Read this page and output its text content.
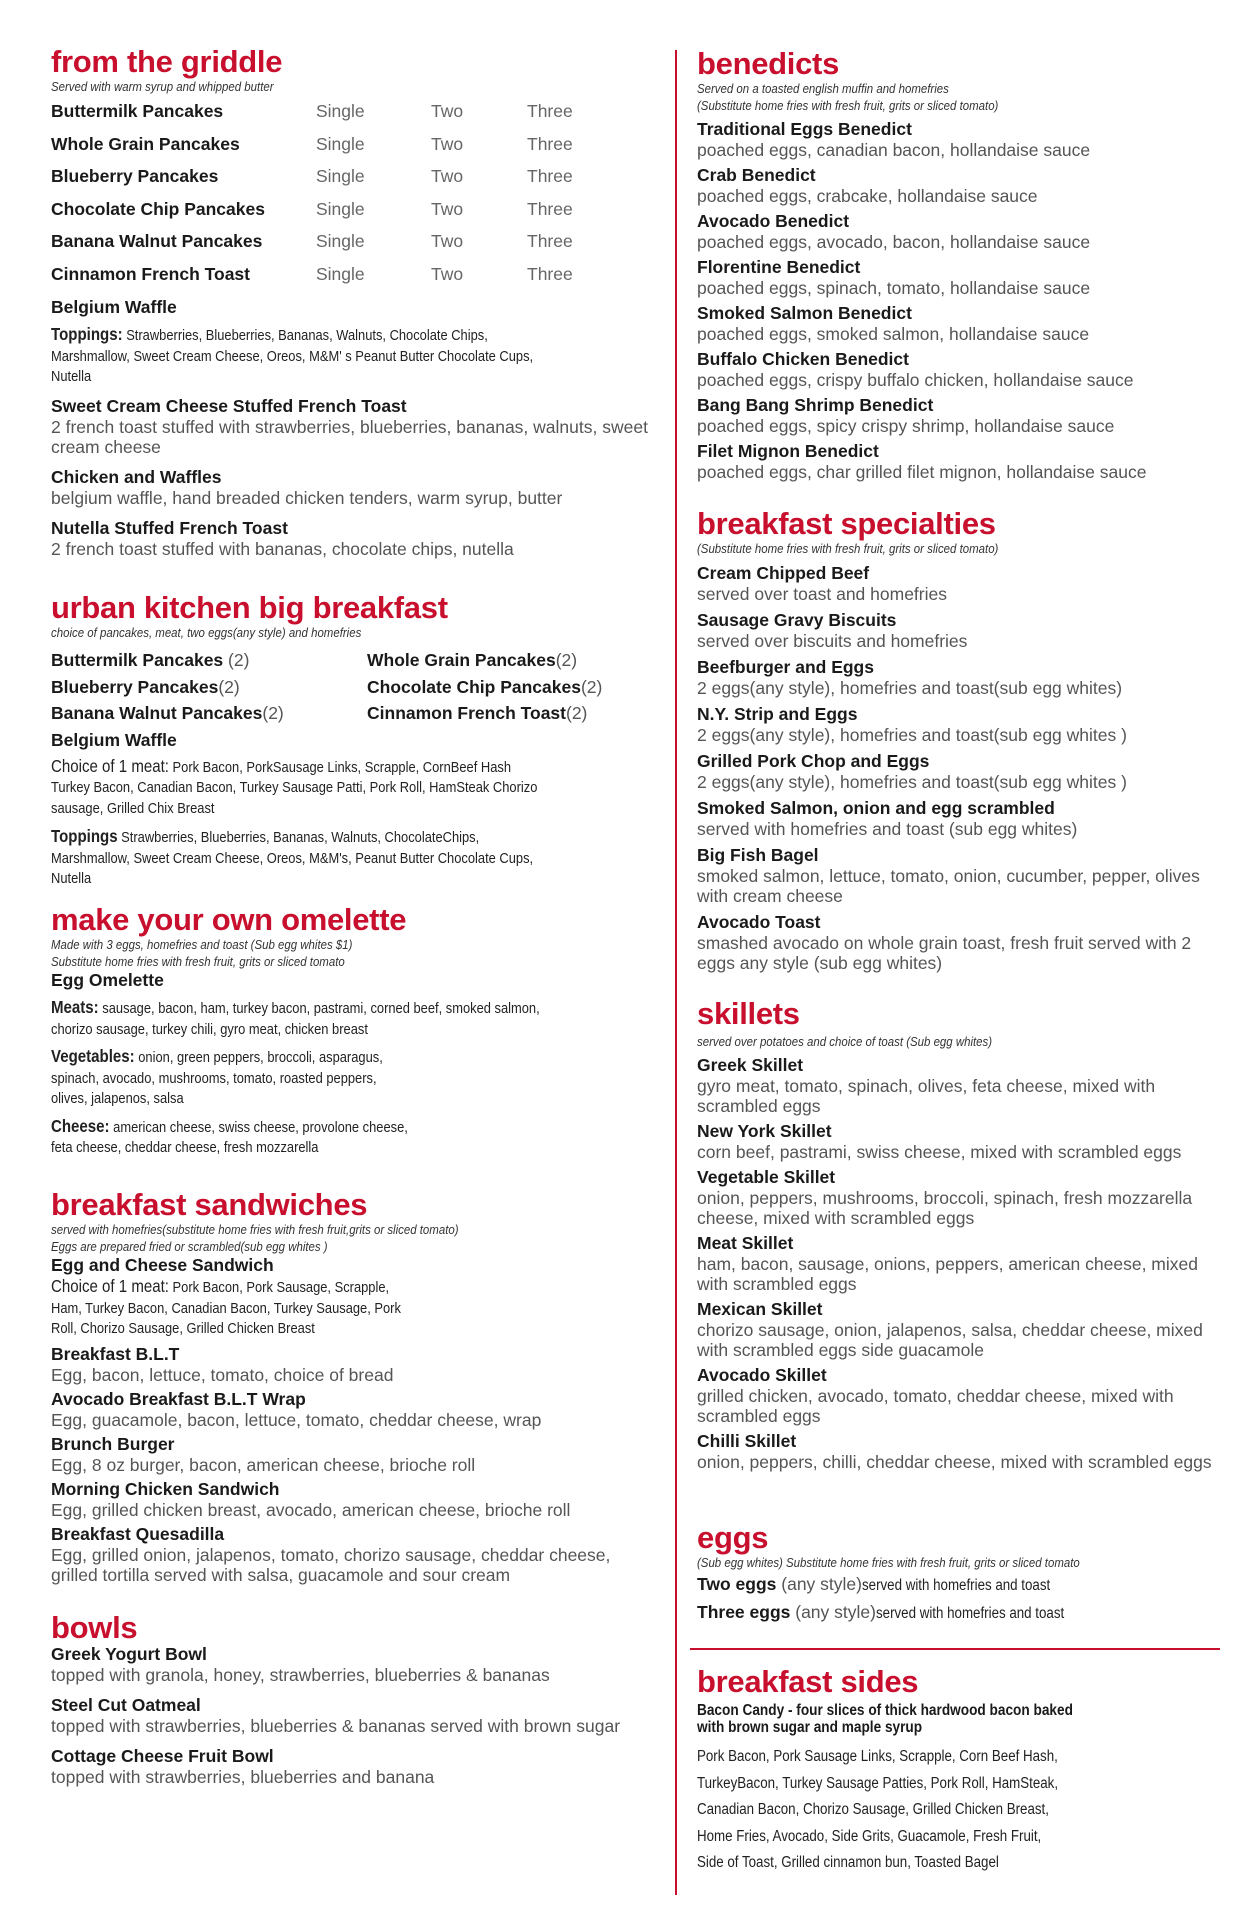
from the griddle
Served with warm syrup and whipped butter
Buttermilk Pancakes	Single	Two	Three
Whole Grain Pancakes	Single	Two	Three
Blueberry Pancakes	Single	Two	Three
Chocolate Chip Pancakes	Single	Two	Three
Banana Walnut Pancakes	Single	Two	Three
Cinnamon French Toast	Single	Two	Three
Belgium Waffle
Toppings: Strawberries, Blueberries, Bananas, Walnuts, Chocolate Chips, Marshmallow, Sweet Cream Cheese, Oreos, M&M' s Peanut Butter Chocolate Cups, Nutella
Sweet Cream Cheese Stuffed French Toast
2 french toast stuffed with strawberries, blueberries, bananas, walnuts, sweet cream cheese
Chicken and Waffles
belgium waffle, hand breaded chicken tenders, warm syrup, butter
Nutella Stuffed French Toast
2 french toast stuffed with bananas, chocolate chips, nutella
urban kitchen big breakfast
choice of pancakes, meat, two eggs(any style) and homefries
Buttermilk Pancakes (2)	Whole Grain Pancakes(2)
Blueberry Pancakes(2)	Chocolate Chip Pancakes(2)
Banana Walnut Pancakes(2)	Cinnamon French Toast(2)
Belgium Waffle
Choice of 1 meat: Pork Bacon, PorkSausage Links, Scrapple, CornBeef Hash Turkey Bacon, Canadian Bacon, Turkey Sausage Patti, Pork Roll, HamSteak Chorizo sausage, Grilled Chix Breast
Toppings Strawberries, Blueberries, Bananas, Walnuts, ChocolateChips, Marshmallow, Sweet Cream Cheese, Oreos, M&M's, Peanut Butter Chocolate Cups, Nutella
make your own omelette
Made with 3 eggs, homefries and toast (Sub egg whites $1)
Substitute home fries with fresh fruit, grits or sliced tomato
Egg Omelette
Meats: sausage, bacon, ham, turkey bacon, pastrami, corned beef, smoked salmon, chorizo sausage, turkey chili, gyro meat, chicken breast
Vegetables: onion, green peppers, broccoli, asparagus, spinach, avocado, mushrooms, tomato, roasted peppers, olives, jalapenos, salsa
Cheese: american cheese, swiss cheese, provolone cheese, feta cheese, cheddar cheese, fresh mozzarella
breakfast sandwiches
served with homefries(substitute home fries with fresh fruit,grits or sliced tomato)
Eggs are prepared fried or scrambled(sub egg whites )
Egg and Cheese Sandwich
Choice of 1 meat: Pork Bacon, Pork Sausage, Scrapple, Ham, Turkey Bacon, Canadian Bacon, Turkey Sausage, Pork Roll, Chorizo Sausage, Grilled Chicken Breast
Breakfast B.L.T
Egg, bacon, lettuce, tomato, choice of bread
Avocado Breakfast B.L.T Wrap
Egg, guacamole, bacon, lettuce, tomato, cheddar cheese, wrap
Brunch Burger
Egg, 8 oz burger, bacon, american cheese, brioche roll
Morning Chicken Sandwich
Egg, grilled chicken breast, avocado, american cheese, brioche roll
Breakfast Quesadilla
Egg, grilled onion, jalapenos, tomato, chorizo sausage, cheddar cheese, grilled tortilla served with salsa, guacamole and sour cream
bowls
Greek Yogurt Bowl
topped with granola, honey, strawberries, blueberries & bananas
Steel Cut Oatmeal
topped with strawberries, blueberries & bananas served with brown sugar
Cottage Cheese Fruit Bowl
topped with strawberries, blueberries and banana
benedicts
Served on a toasted english muffin and homefries
(Substitute home fries with fresh fruit, grits or sliced tomato)
Traditional Eggs Benedict
poached eggs, canadian bacon, hollandaise sauce
Crab Benedict
poached eggs, crabcake, hollandaise sauce
Avocado Benedict
poached eggs, avocado, bacon, hollandaise sauce
Florentine Benedict
poached eggs, spinach, tomato, hollandaise sauce
Smoked Salmon Benedict
poached eggs, smoked salmon, hollandaise sauce
Buffalo Chicken Benedict
poached eggs, crispy buffalo chicken, hollandaise sauce
Bang Bang Shrimp Benedict
poached eggs, spicy crispy shrimp, hollandaise sauce
Filet Mignon Benedict
poached eggs, char grilled filet mignon, hollandaise sauce
breakfast specialties
(Substitute home fries with fresh fruit, grits or sliced tomato)
Cream Chipped Beef
served over toast and homefries
Sausage Gravy Biscuits
served over biscuits and homefries
Beefburger and Eggs
2 eggs(any style), homefries and toast(sub egg whites)
N.Y. Strip and Eggs
2 eggs(any style), homefries and toast(sub egg whites )
Grilled Pork Chop and Eggs
2 eggs(any style), homefries and toast(sub egg whites )
Smoked Salmon, onion and egg scrambled
served with homefries and toast (sub egg whites)
Big Fish Bagel
smoked salmon, lettuce, tomato, onion, cucumber, pepper, olives with cream cheese
Avocado Toast
smashed avocado on whole grain toast, fresh fruit served with 2 eggs any style (sub egg whites)
skillets
served over potatoes and choice of toast (Sub egg whites)
Greek Skillet
gyro meat, tomato, spinach, olives, feta cheese, mixed with scrambled eggs
New York Skillet
corn beef, pastrami, swiss cheese, mixed with scrambled eggs
Vegetable Skillet
onion, peppers, mushrooms, broccoli, spinach, fresh mozzarella cheese, mixed with scrambled eggs
Meat Skillet
ham, bacon, sausage, onions, peppers, american cheese, mixed with scrambled eggs
Mexican Skillet
chorizo sausage, onion, jalapenos, salsa, cheddar cheese, mixed with scrambled eggs side guacamole
Avocado Skillet
grilled chicken, avocado, tomato, cheddar cheese, mixed with scrambled eggs
Chilli Skillet
onion, peppers, chilli, cheddar cheese, mixed with scrambled eggs
eggs
(Sub egg whites) Substitute home fries with fresh fruit, grits or sliced tomato
Two eggs (any style)served with homefries and toast
Three eggs (any style)served with homefries and toast
breakfast sides
Bacon Candy - four slices of thick hardwood bacon baked with brown sugar and maple syrup
Pork Bacon, Pork Sausage Links, Scrapple, Corn Beef Hash,
TurkeyBacon, Turkey Sausage Patties, Pork Roll, HamSteak,
Canadian Bacon, Chorizo Sausage, Grilled Chicken Breast,
Home Fries, Avocado, Side Grits, Guacamole, Fresh Fruit,
Side of Toast, Grilled cinnamon bun, Toasted Bagel
